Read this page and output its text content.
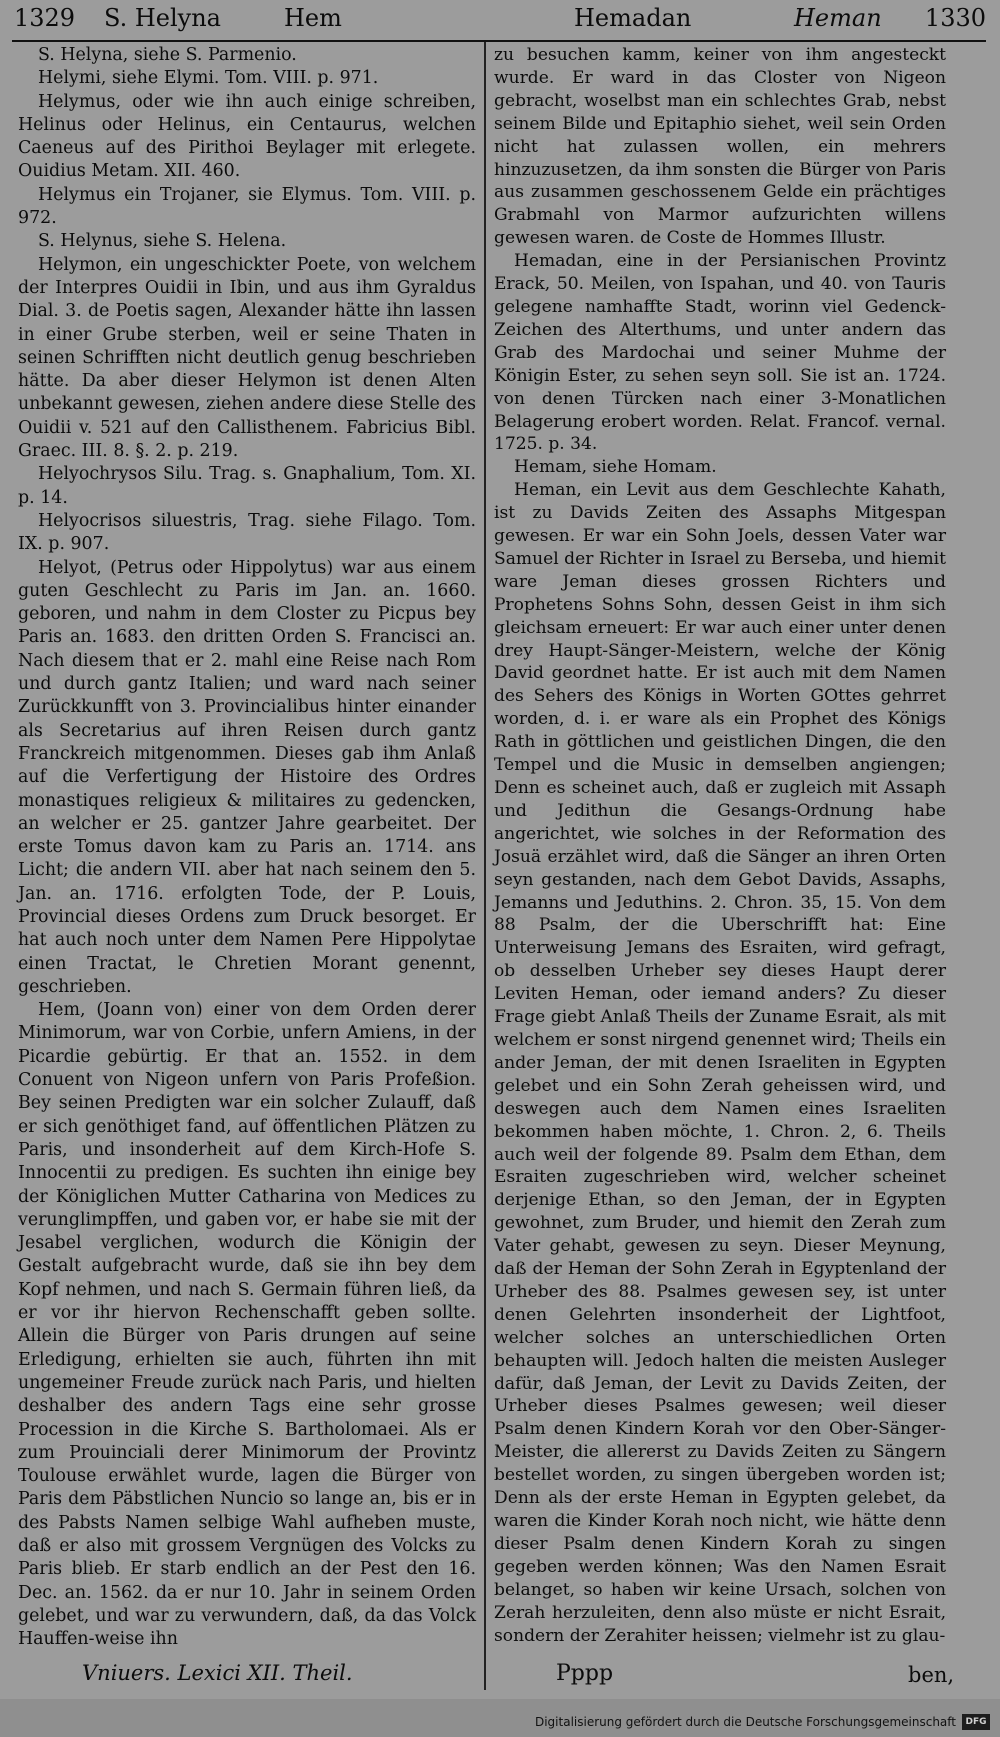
1329 S. Helyna	Hem	Hemadan	Heman 1330

S. Helyna, siehe S. Parmenio.

Helymi, siehe Elymi. Tom. VIII. p. 971.

Helymus, oder wie ihn auch einige schreiben, Helinus oder Helinus, ein Centaurus, welchen Caeneus auf des Pirithoi Beylager mit erlegete. Ouidius Metam. XII. 460.

Helymus ein Trojaner, sie Elymus. Tom. VIII. p. 972.

S. Helynus, siehe S. Helena.

Helymon, ein ungeschickter Poete, von welchem der Interpres Ouidii in Ibin, und aus ihm Gyraldus Dial. 3. de Poetis sagen, Alexander hätte ihn lassen in einer Grube sterben, weil er seine Thaten in seinen Schrifften nicht deutlich genug beschrieben hätte. Da aber dieser Helymon ist denen Alten unbekannt gewesen, ziehen andere diese Stelle des Ouidii v. 521 auf den Callisthenem. Fabricius Bibl. Graec. III. 8. §. 2. p. 219.

Helyochrysos Silu. Trag. s. Gnaphalium, Tom. XI. p. 14.

Helyocrisos siluestris, Trag. siehe Filago. Tom. IX. p. 907.

Helyot, (Petrus oder Hippolytus) war aus einem guten Geschlecht zu Paris im Jan. an. 1660. geboren, und nahm in dem Closter zu Picpus bey Paris an. 1683. den dritten Orden S. Francisci an. Nach diesem that er 2. mahl eine Reise nach Rom und durch gantz Italien; und ward nach seiner Zurückkunfft von 3. Provincialibus hinter einander als Secretarius auf ihren Reisen durch gantz Franckreich mitgenommen. Dieses gab ihm Anlaß auf die Verfertigung der Histoire des Ordres monastiques religieux & militaires zu gedencken, an welcher er 25. gantzer Jahre gearbeitet. Der erste Tomus davon kam zu Paris an. 1714. ans Licht; die andern VII. aber hat nach seinem den 5. Jan. an. 1716. erfolgten Tode, der P. Louis, Provincial dieses Ordens zum Druck besorget. Er hat auch noch unter dem Namen Pere Hippolytae einen Tractat, le Chretien Morant genennt, geschrieben.

Hem, (Joann von) einer von dem Orden derer Minimorum, war von Corbie, unfern Amiens, in der Picardie gebürtig. Er that an. 1552. in dem Conuent von Nigeon unfern von Paris Profeßion. Bey seinen Predigten war ein solcher Zulauff, daß er sich genöthiget fand, auf öffentlichen Plätzen zu Paris, und insonderheit auf dem Kirch-Hofe S. Innocentii zu predigen. Es suchten ihn einige bey der Königlichen Mutter Catharina von Medices zu verunglimpffen, und gaben vor, er habe sie mit der Jesabel verglichen, wodurch die Königin der Gestalt aufgebracht wurde, daß sie ihn bey dem Kopf nehmen, und nach S. Germain führen ließ, da er vor ihr hiervon Rechenschafft geben sollte. Allein die Bürger von Paris drungen auf seine Erledigung, erhielten sie auch, führten ihn mit ungemeiner Freude zurück nach Paris, und hielten deshalber des andern Tags eine sehr grosse Procession in die Kirche S. Bartholomaei. Als er zum Prouinciali derer Minimorum der Provintz Toulouse erwählet wurde, lagen die Bürger von Paris dem Päbstlichen Nuncio so lange an, bis er in des Pabsts Namen selbige Wahl aufheben muste, daß er also mit grossem Vergnügen des Volcks zu Paris blieb. Er starb endlich an der Pest den 16. Dec. an. 1562. da er nur 10. Jahr in seinem Orden gelebet, und war zu verwundern, daß, da das Volck Hauffen-weise ihn

zu besuchen kamm, keiner von ihm angesteckt wurde. Er ward in das Closter von Nigeon gebracht, woselbst man ein schlechtes Grab, nebst seinem Bilde und Epitaphio siehet, weil sein Orden nicht hat zulassen wollen, ein mehrers hinzuzusetzen, da ihm sonsten die Bürger von Paris aus zusammen geschossenem Gelde ein prächtiges Grabmahl von Marmor aufzurichten willens gewesen waren. de Coste de Hommes Illustr.

Hemadan, eine in der Persianischen Provintz Erack, 50. Meilen, von Ispahan, und 40. von Tauris gelegene namhaffte Stadt, worinn viel Gedenck-Zeichen des Alterthums, und unter andern das Grab des Mardochai und seiner Muhme der Königin Ester, zu sehen seyn soll. Sie ist an. 1724. von denen Türcken nach einer 3-Monatlichen Belagerung erobert worden. Relat. Francof. vernal. 1725. p. 34.

Hemam, siehe Homam.

Heman, ein Levit aus dem Geschlechte Kahath, ist zu Davids Zeiten des Assaphs Mitgespan gewesen. Er war ein Sohn Joels, dessen Vater war Samuel der Richter in Israel zu Berseba, und hiemit ware Jeman dieses grossen Richters und Prophetens Sohns Sohn, dessen Geist in ihm sich gleichsam erneuert: Er war auch einer unter denen drey Haupt-Sänger-Meistern, welche der König David geordnet hatte. Er ist auch mit dem Namen des Sehers des Königs in Worten GOttes gehrret worden, d. i. er ware als ein Prophet des Königs Rath in göttlichen und geistlichen Dingen, die den Tempel und die Music in demselben angiengen; Denn es scheinet auch, daß er zugleich mit Assaph und Jedithun die Gesangs-Ordnung habe angerichtet, wie solches in der Reformation des Josuä erzählet wird, daß die Sänger an ihren Orten seyn gestanden, nach dem Gebot Davids, Assaphs, Jemanns und Jeduthins. 2. Chron. 35, 15. Von dem 88 Psalm, der die Uberschrifft hat: Eine Unterweisung Jemans des Esraiten, wird gefragt, ob desselben Urheber sey dieses Haupt derer Leviten Heman, oder iemand anders? Zu dieser Frage giebt Anlaß Theils der Zuname Esrait, als mit welchem er sonst nirgend genennet wird; Theils ein ander Jeman, der mit denen Israeliten in Egypten gelebet und ein Sohn Zerah geheissen wird, und deswegen auch dem Namen eines Israeliten bekommen haben möchte, 1. Chron. 2, 6. Theils auch weil der folgende 89. Psalm dem Ethan, dem Esraiten zugeschrieben wird, welcher scheinet derjenige Ethan, so den Jeman, der in Egypten gewohnet, zum Bruder, und hiemit den Zerah zum Vater gehabt, gewesen zu seyn. Dieser Meynung, daß der Heman der Sohn Zerah in Egyptenland der Urheber des 88. Psalmes gewesen sey, ist unter denen Gelehrten insonderheit der Lightfoot, welcher solches an unterschiedlichen Orten behaupten will. Jedoch halten die meisten Ausleger dafür, daß Jeman, der Levit zu Davids Zeiten, der Urheber dieses Psalmes gewesen; weil dieser Psalm denen Kindern Korah vor den Ober-Sänger-Meister, die allererst zu Davids Zeiten zu Sängern bestellet worden, zu singen übergeben worden ist; Denn als der erste Heman in Egypten gelebet, da waren die Kinder Korah noch nicht, wie hätte denn dieser Psalm denen Kindern Korah zu singen gegeben werden können; Was den Namen Esrait belanget, so haben wir keine Ursach, solchen von Zerah herzuleiten, denn also müste er nicht Esrait, sondern der Zerahiter heissen; vielmehr ist zu glau-

Vniuers. Lexici XII. Theil.	Pppp	ben,
Digitalisierung gefördert durch die Deutsche Forschungsgemeinschaft	DFG
